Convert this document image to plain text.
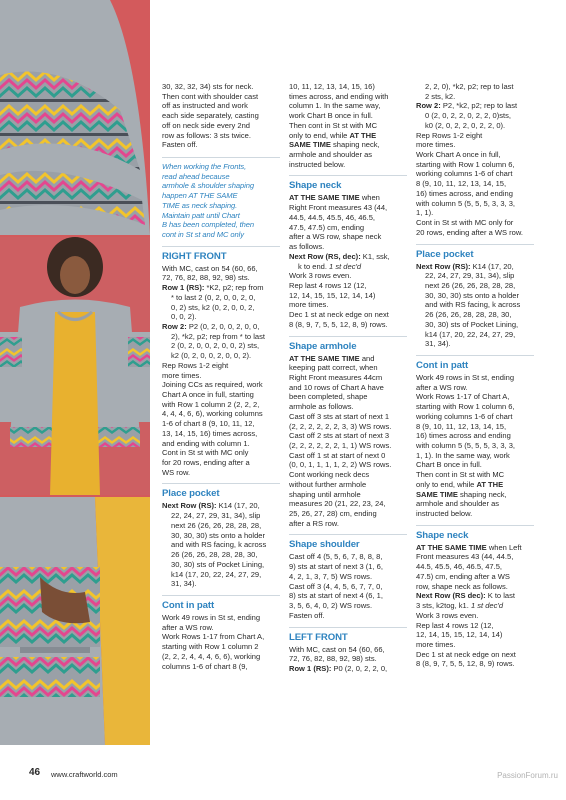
30, 32, 32, 34) sts for neck.

Then cont with shoulder cast

off as instructed and work

each side separately, casting

off on neck side every 2nd

row as follows: 3 sts twice.

Fasten off.

When working the Fronts,

read ahead because

armhole & shoulder shaping

happen AT THE SAME

TIME as neck shaping.

Maintain patt until Chart

B has been completed, then

cont in St st and MC only

RIGHT FRONT

With MC, cast on 54 (60, 66,

72, 76, 82, 88, 92, 98) sts.

Row 1 (RS): *K2, p2; rep from

* to last 2 (0, 2, 0, 0, 2, 0,

0, 2) sts, k2 (0, 2, 0, 0, 2,

0, 0, 2).

Row 2: P2 (0, 2, 0, 0, 2, 0, 0,

2), *k2, p2; rep from * to last

2 (0, 2, 0, 0, 2, 0, 0, 2) sts,

k2 (0, 2, 0, 0, 2, 0, 0, 2).

Rep Rows 1-2 eight

more times.

Joining CCs as required, work

Chart A once in full, starting

with Row 1 column 2 (2, 2, 2,

4, 4, 4, 6, 6), working columns

1-6 of chart 8 (9, 10, 11, 12,

13, 14, 15, 16) times across,

and ending with column 1.

Cont in St st with MC only

for 20 rows, ending after a

WS row.

Place pocket

Next Row (RS): K14 (17, 20,

22, 24, 27, 29, 31, 34), slip

next 26 (26, 26, 28, 28, 28,

30, 30, 30) sts onto a holder

and with RS facing, k across

26 (26, 26, 28, 28, 28, 30,

30, 30) sts of Pocket Lining,

k14 (17, 20, 22, 24, 27, 29,

31, 34).

Cont in patt

Work 49 rows in St st, ending

after a WS row.

Work Rows 1-17 from Chart A,

starting with Row 1 column 2

(2, 2, 2, 4, 4, 4, 6, 6), working

columns 1-6 of chart 8 (9,

10, 11, 12, 13, 14, 15, 16)

times across, and ending with

column 1. In the same way,

work Chart B once in full.

Then cont in St st with MC

only to end, while AT THE

SAME TIME shaping neck,

armhole and shoulder as

instructed below.

Shape neck

AT THE SAME TIME when

Right Front measures 43 (44,

44.5, 44.5, 45.5, 46, 46.5,

47.5, 47.5) cm, ending

after a WS row, shape neck

as follows.

Next Row (RS, dec): K1, ssk,

k to end. 1 st dec'd

Work 3 rows even.

Rep last 4 rows 12 (12,

12, 14, 15, 15, 12, 14, 14)

more times.

Dec 1 st at neck edge on next

8 (8, 9, 7, 5, 5, 12, 8, 9) rows.

Shape armhole

AT THE SAME TIME and

keeping patt correct, when

Right Front measures 44cm

and 10 rows of Chart A have

been completed, shape

armhole as follows.

Cast off 3 sts at start of next 1

(2, 2, 2, 2, 2, 2, 3, 3) WS rows.

Cast off 2 sts at start of next 3

(2, 2, 2, 2, 2, 2, 1, 1) WS rows.

Cast off 1 st at start of next 0

(0, 0, 1, 1, 1, 1, 2, 2) WS rows.

Cont working neck decs

without further armhole

shaping until armhole

measures 20 (21, 22, 23, 24,

25, 26, 27, 28) cm, ending

after a RS row.

Shape shoulder

Cast off 4 (5, 5, 6, 7, 8, 8, 8,

9) sts at start of next 3 (1, 6,

4, 2, 1, 3, 7, 5) WS rows.

Cast off 3 (4, 4, 5, 6, 7, 7, 0,

8) sts at start of next 4 (6, 1,

3, 5, 6, 4, 0, 2) WS rows.

Fasten off.

LEFT FRONT

With MC, cast on 54 (60, 66,

72, 76, 82, 88, 92, 98) sts.

Row 1 (RS): P0 (2, 0, 2, 2, 0,

2, 2, 0), *k2, p2; rep to last

2 sts, k2.

Row 2: P2, *k2, p2; rep to last

0 (2, 0, 2, 2, 0, 2, 2, 0)sts,

k0 (2, 0, 2, 2, 0, 2, 2, 0).

Rep Rows 1-2 eight

more times.

Work Chart A once in full,

starting with Row 1 column 6,

working columns 1-6 of chart

8 (9, 10, 11, 12, 13, 14, 15,

16) times across, and ending

with column 5 (5, 5, 5, 3, 3, 3,

1, 1).

Cont in St st with MC only for

20 rows, ending after a WS row.

Place pocket

Next Row (RS): K14 (17, 20,

22, 24, 27, 29, 31, 34), slip

next 26 (26, 26, 28, 28, 28,

30, 30, 30) sts onto a holder

and with RS facing, k across

26 (26, 26, 28, 28, 28, 30,

30, 30) sts of Pocket Lining,

k14 (17, 20, 22, 24, 27, 29,

31, 34).

Cont in patt

Work 49 rows in St st, ending

after a WS row.

Work Rows 1-17 of Chart A,

starting with Row 1 column 6,

working columns 1-6 of chart

8 (9, 10, 11, 12, 13, 14, 15,

16) times across and ending

with column 5 (5, 5, 5, 3, 3, 3,

1, 1). In the same way, work

Chart B once in full.

Then cont in St st with MC

only to end, while AT THE

SAME TIME shaping neck,

armhole and shoulder as

instructed below.

Shape neck

AT THE SAME TIME when Left

Front measures 43 (44, 44.5,

44.5, 45.5, 46, 46.5, 47.5,

47.5) cm, ending after a WS

row, shape neck as follows.

Next Row (RS dec): K to last

3 sts, k2tog, k1. 1 st dec'd

Work 3 rows even.

Rep last 4 rows 12 (12,

12, 14, 15, 15, 12, 14, 14)

more times.

Dec 1 st at neck edge on next

8 (8, 9, 7, 5, 5, 12, 8, 9) rows.

46 www.craftworld.com	PassionForum.ru
